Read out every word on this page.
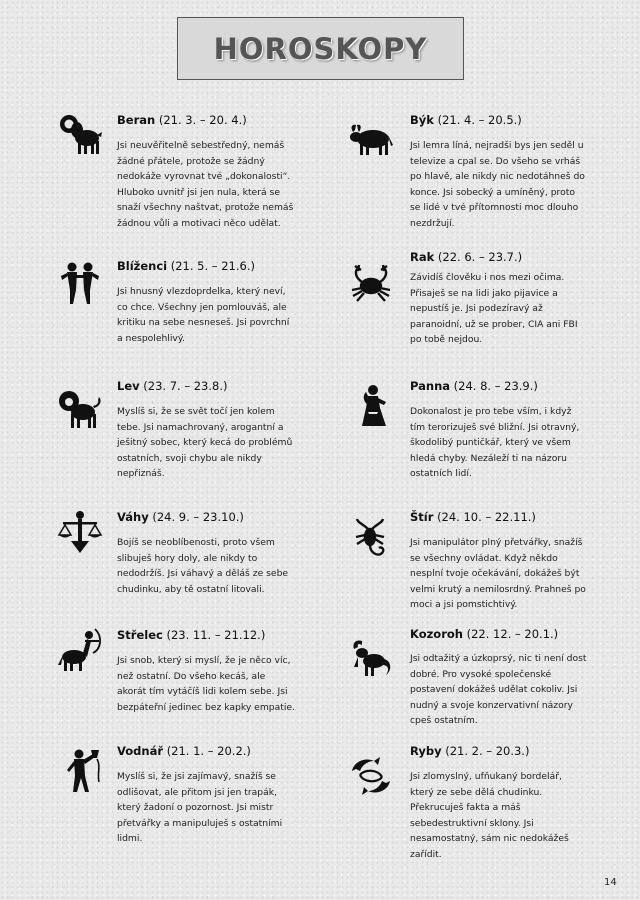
HOROSKOPY
Beran (21. 3. – 20. 4.)
Jsi neuvěřitelně sebestředný, nemáš
žádné přátele, protože se žádný
nedokáže vyrovnat tvé „dokonalosti“.
Hluboko uvnitř jsi jen nula, která se
snaží všechny naštvat, protože nemáš
žádnou vůli a motivaci něco udělat.
Býk (21. 4. – 20.5.)
Jsi lemra líná, nejradši bys jen seděl u
televize a cpal se. Do všeho se vrháš
po hlavě, ale nikdy nic nedotáhneš do
konce. Jsi sobecký a umíněný, proto
se lidé v tvé přítomnosti moc dlouho
nezdržují.
Blíženci (21. 5. – 21.6.)
Jsi hnusný vlezdoprdelka, který neví,
co chce. Všechny jen pomlouváš, ale
kritiku na sebe nesneseš. Jsi povrchní
a nespolehlivý.
Rak (22. 6. – 23.7.)
Závidíš člověku i nos mezi očima.
Přisaješ se na lidi jako pijavice a
nepustíš je. Jsi podezíravý až
paranoidní, už se prober, CIA ani FBI
po tobě nejdou.
Lev (23. 7. – 23.8.)
Myslíš si, že se svět točí jen kolem
tebe. Jsi namachrovaný, arogantní a
ješitný sobec, který kecá do problémů
ostatních, svoji chybu ale nikdy
nepřiznáš.
Panna (24. 8. – 23.9.)
Dokonalost je pro tebe vším, i když
tím terorizuješ své bližní. Jsi otravný,
škodolibý puntičkář, který ve všem
hledá chyby. Nezáleží ti na názoru
ostatních lidí.
Váhy (24. 9. – 23.10.)
Bojíš se neoblíbenosti, proto všem
slibuješ hory doly, ale nikdy to
nedodržíš. Jsi váhavý a děláš ze sebe
chudinku, aby tě ostatní litovali.
Štír (24. 10. – 22.11.)
Jsi manipulátor plný přetvářky, snažíš
se všechny ovládat. Když někdo
nesplní tvoje očekávání, dokážeš být
velmi krutý a nemilosrdný. Prahneš po
moci a jsi pomstichtivý.
Střelec (23. 11. – 21.12.)
Jsi snob, který si myslí, že je něco víc,
než ostatní. Do všeho kecáš, ale
akorát tím vytáčíš lidi kolem sebe. Jsi
bezpáteřní jedinec bez kapky empatie.
Kozoroh (22. 12. – 20.1.)
Jsi odtažitý a úzkoprsý, nic ti není dost
dobré. Pro vysoké společenské
postavení dokážeš udělat cokoliv. Jsi
nudný a svoje konzervativní názory
cpeš ostatním.
Vodnář (21. 1. – 20.2.)
Myslíš si, že jsi zajímavý, snažíš se
odlišovat, ale přitom jsi jen trapák,
který žadoní o pozornost. Jsi mistr
přetvářky a manipuluješ s ostatními
lidmi.
Ryby (21. 2. – 20.3.)
Jsi zlomyslný, ufňukaný bordelář,
který ze sebe dělá chudinku.
Překrucuješ fakta a máš
sebedestruktivní sklony. Jsi
nesamostatný, sám nic nedokážeš
zařídit.
14
